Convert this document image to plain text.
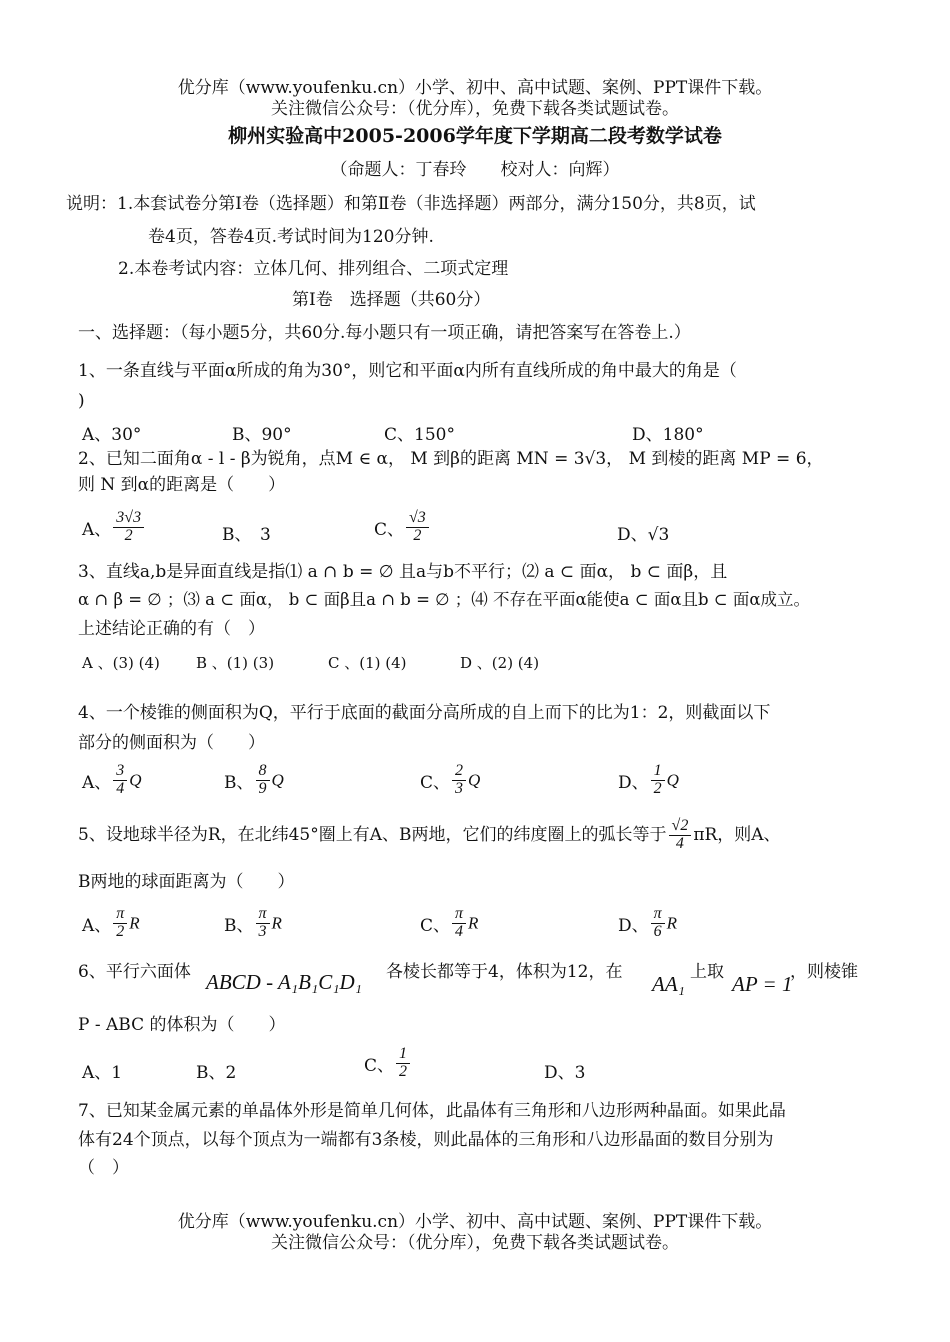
优分库（www.youfenku.cn）小学、初中、高中试题、案例、PPT课件下载。
关注微信公众号：（优分库），免费下载各类试题试卷。
柳州实验高中2005-2006学年度下学期高二段考数学试卷
（命题人：丁春玲　　校对人：向辉）
说明：1.本套试卷分第Ⅰ卷（选择题）和第Ⅱ卷（非选择题）两部分，满分150分，共8页，试
卷4页，答卷4页.考试时间为120分钟.
2.本卷考试内容：立体几何、排列组合、二项式定理
第Ⅰ卷　选择题（共60分）
一、选择题：（每小题5分，共60分.每小题只有一项正确，请把答案写在答卷上.）
1、一条直线与平面α所成的角为30°，则它和平面α内所有直线所成的角中最大的角是（
)
A、30°	B、90°	C、150°	D、180°
2、已知二面角α - l - β为锐角，点M ∈ α， M 到β的距离 MN = 3√3， M 到棱的距离 MP = 6，
则 N 到α的距离是（　　）
A、 $\frac{3√3}{2}$	B、　3	C、 $\frac{√3}{2}$	D、√3
3、直线a,b是异面直线是指⑴ a ∩ b = ∅ 且a与b不平行；⑵ a ⊂ 面α， b ⊂ 面β，且
α ∩ β = ∅ ；⑶ a ⊂ 面α， b ⊂ 面β且a ∩ b = ∅ ；⑷ 不存在平面α能使a ⊂ 面α且b ⊂ 面α成立。
上述结论正确的有（　）
A 、(3) (4) B 、(1) (3)	C 、(1) (4)	D 、(2) (4)
4、一个棱锥的侧面积为Q，平行于底面的截面分高所成的自上而下的比为1：2，则截面以下
部分的侧面积为（　　）
A、 $\frac{3}{4}$ Q	B、 $\frac{8}{9}$ Q	C、 $\frac{2}{3}$ Q	D、 $\frac{1}{2}$ Q
5、设地球半径为R，在北纬45°圈上有A、B两地，它们的纬度圈上的弧长等于 $\frac{√2}{4}$ πR，则A、
B两地的球面距离为（　　）
A、 $\frac{\pi}{2}$ R	B、 $\frac{\pi}{3}$ R	C、 $\frac{\pi}{4}$ R	D、 $\frac{\pi}{6}$ R
6、平行六面体 ABCD - A₁B₁C₁D₁ 各棱长都等于4，体积为12，在 AA₁ 上取 AP = 1
，则棱锥
P - ABC 的体积为（　　）
A、1	B、2	C、 $\frac{1}{2}$	D、3
7、已知某金属元素的单晶体外形是简单几何体，此晶体有三角形和八边形两种晶面。如果此晶
体有24个顶点，以每个顶点为一端都有3条棱，则此晶体的三角形和八边形晶面的数目分别为
（　）
优分库（www.youfenku.cn）小学、初中、高中试题、案例、PPT课件下载。
关注微信公众号：（优分库），免费下载各类试题试卷。
